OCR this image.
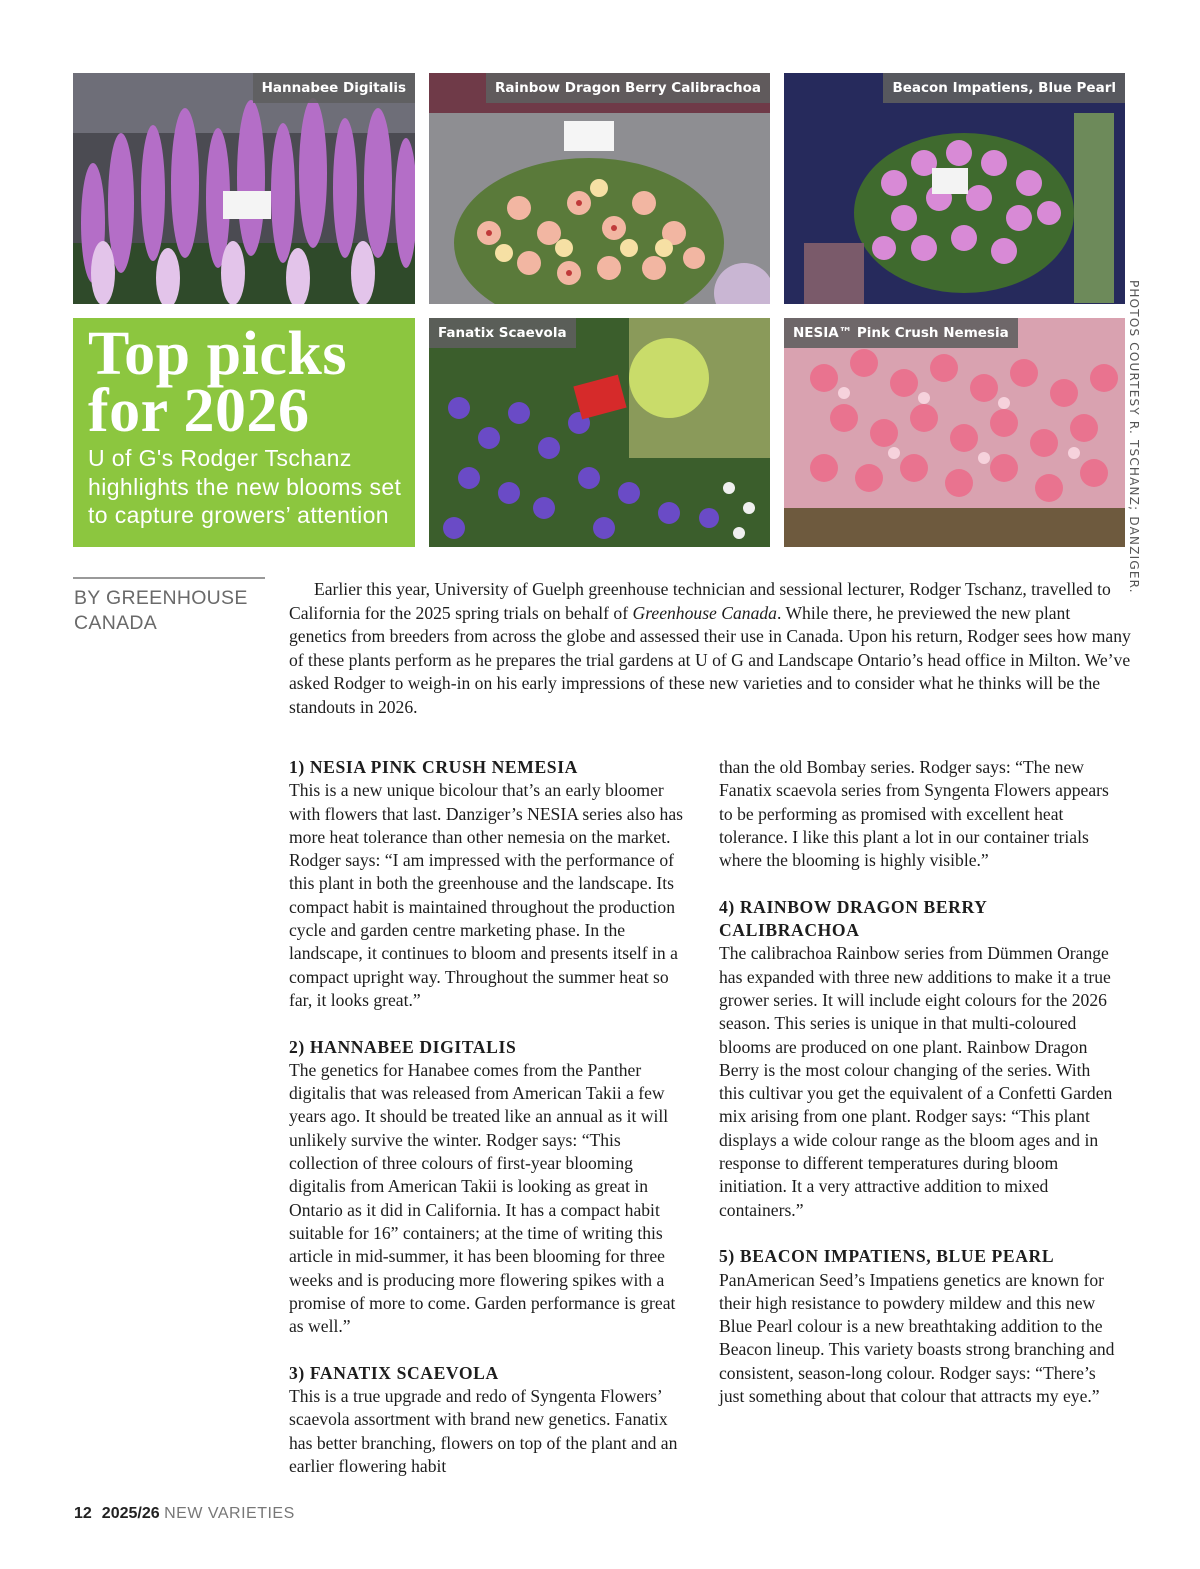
Hannabee Digitalis	Rainbow Dragon Berry Calibrachoa	Beacon Impatiens, Blue Pearl
Top picks
for 2026
U of G's Rodger Tschanz highlights the new blooms set to capture growers’ attention
Fanatix Scaevola	NESIA™ Pink Crush Nemesia	PHOTOS COURTESY R. TSCHANZ; DANZIGER.
BY GREENHOUSE CANADA

Earlier this year, University of Guelph greenhouse technician and sessional lecturer, Rodger Tschanz, travelled to California for the 2025 spring trials on behalf of Greenhouse Canada. While there, he previewed the new plant genetics from breeders from across the globe and assessed their use in Canada. Upon his return, Rodger sees how many of these plants perform as he prepares the trial gardens at U of G and Landscape Ontario’s head office in Milton. We’ve asked Rodger to weigh-in on his early impressions of these new varieties and to consider what he thinks will be the standouts in 2026.

1) NESIA PINK CRUSH NEMESIA

This is a new unique bicolour that’s an early bloomer with flowers that last. Danziger’s NESIA series also has more heat tolerance than other nemesia on the market. Rodger says: “I am impressed with the performance of this plant in both the greenhouse and the landscape. Its compact habit is maintained throughout the production cycle and garden centre marketing phase. In the landscape, it continues to bloom and presents itself in a compact upright way. Throughout the summer heat so far, it looks great.”

2) HANNABEE DIGITALIS

The genetics for Hanabee comes from the Panther digitalis that was released from American Takii a few years ago. It should be treated like an annual as it will unlikely survive the winter. Rodger says: “This collection of three colours of first-year blooming digitalis from American Takii is looking as great in Ontario as it did in California. It has a compact habit suitable for 16” containers; at the time of writing this article in mid-summer, it has been blooming for three weeks and is producing more flowering spikes with a promise of more to come. Garden performance is great as well.”

3) FANATIX SCAEVOLA

This is a true upgrade and redo of Syngenta Flowers’ scaevola assortment with brand new genetics. Fanatix has better branching, flowers on top of the plant and an earlier flowering habit

than the old Bombay series. Rodger says: “The new Fanatix scaevola series from Syngenta Flowers appears to be performing as promised with excellent heat tolerance. I like this plant a lot in our container trials where the blooming is highly visible.”

4) RAINBOW DRAGON BERRY CALIBRACHOA

The calibrachoa Rainbow series from Dümmen Orange has expanded with three new additions to make it a true grower series. It will include eight colours for the 2026 season. This series is unique in that multi-coloured blooms are produced on one plant. Rainbow Dragon Berry is the most colour changing of the series. With this cultivar you get the equivalent of a Confetti Garden mix arising from one plant. Rodger says: “This plant displays a wide colour range as the bloom ages and in response to different temperatures during bloom initiation. It a very attractive addition to mixed containers.”

5) BEACON IMPATIENS, BLUE PEARL

PanAmerican Seed’s Impatiens genetics are known for their high resistance to powdery mildew and this new Blue Pearl colour is a new breathtaking addition to the Beacon lineup. This variety boasts strong branching and consistent, season-long colour. Rodger says: “There’s just something about that colour that attracts my eye.”

12 2025/26 NEW VARIETIES
